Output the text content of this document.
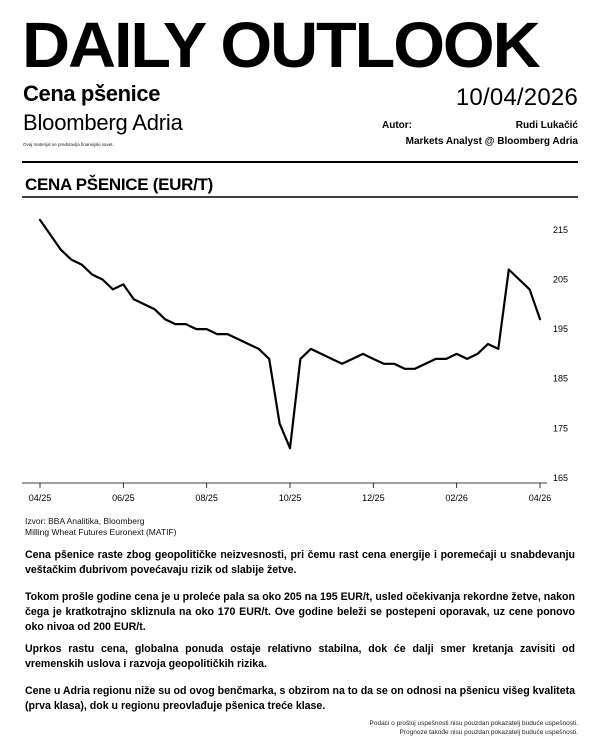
DAILY OUTLOOK
Cena pšenice
Bloomberg Adria
Ovaj materijal ne predstavlja finansijski savet.
10/04/2026
Autor:	Rudi Lukačić
Markets Analyst @ Bloomberg Adria
CENA PŠENICE (EUR/T)
215
205
195
185
175
165
04/25	06/25	08/25	10/25	12/25	02/26	04/26
Izvor: BBA Analitika, Bloomberg
Milling Wheat Futures Euronext (MATIF)

Cena pšenice raste zbog geopolitičke neizvesnosti, pri čemu rast cena energije i poremećaji u snabdevanju veštačkim đubrivom povećavaju rizik od slabije žetve.

Tokom prošle godine cena je u proleće pala sa oko 205 na 195 EUR/t, usled očekivanja rekordne žetve, nakon čega je kratkotrajno skliznula na oko 170 EUR/t. Ove godine beleži se postepeni oporavak, uz cene ponovo oko nivoa od 200 EUR/t.

Uprkos rastu cena, globalna ponuda ostaje relativno stabilna, dok će dalji smer kretanja zavisiti od vremenskih uslova i razvoja geopolitičkih rizika.

Cene u Adria regionu niže su od ovog benčmarka, s obzirom na to da se on odnosi na pšenicu višeg kvaliteta (prva klasa), dok u regionu preovlađuje pšenica treće klase.

Podaci o prošloj uspešnosti nisu pouzdan pokazatelj buduće uspešnosti.
Prognoze takođe nisu pouzdan pokazatelj buduće uspešnosti.
